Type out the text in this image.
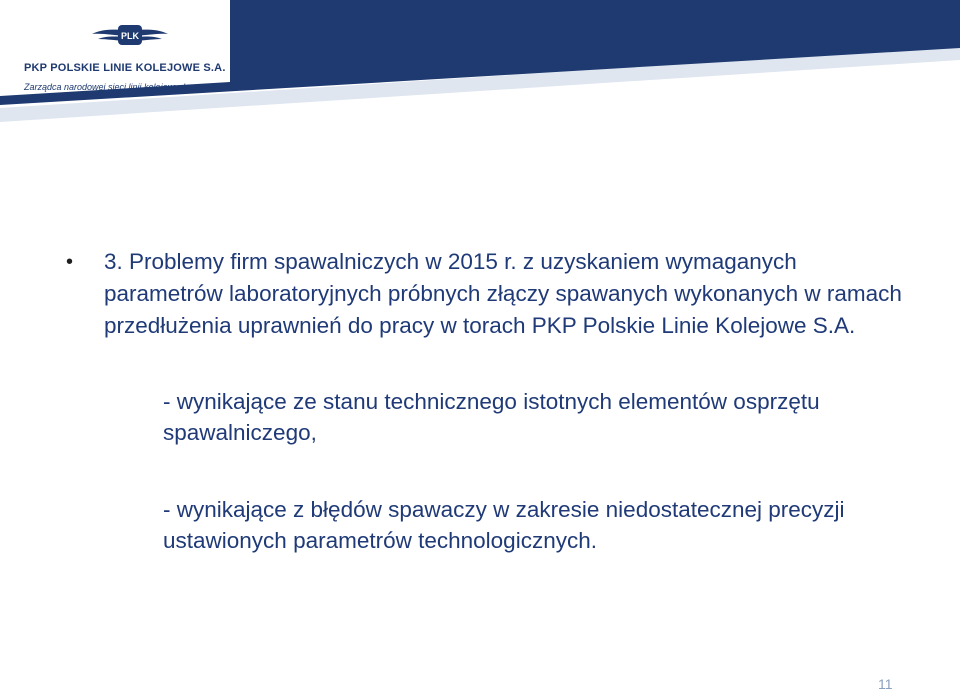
PLK
PKP POLSKIE LINIE KOLEJOWE S.A.
Zarządca narodowej sieci linii kolejowych
• 3. Problemy firm spawalniczych w 2015 r. z uzyskaniem wymaganych parametrów laboratoryjnych próbnych złączy spawanych wykonanych w ramach przedłużenia uprawnień do pracy w torach PKP Polskie Linie Kolejowe S.A.
- wynikające ze stanu technicznego istotnych elementów osprzętu spawalniczego,
- wynikające z błędów spawaczy w zakresie niedostatecznej precyzji ustawionych parametrów technologicznych.
11
